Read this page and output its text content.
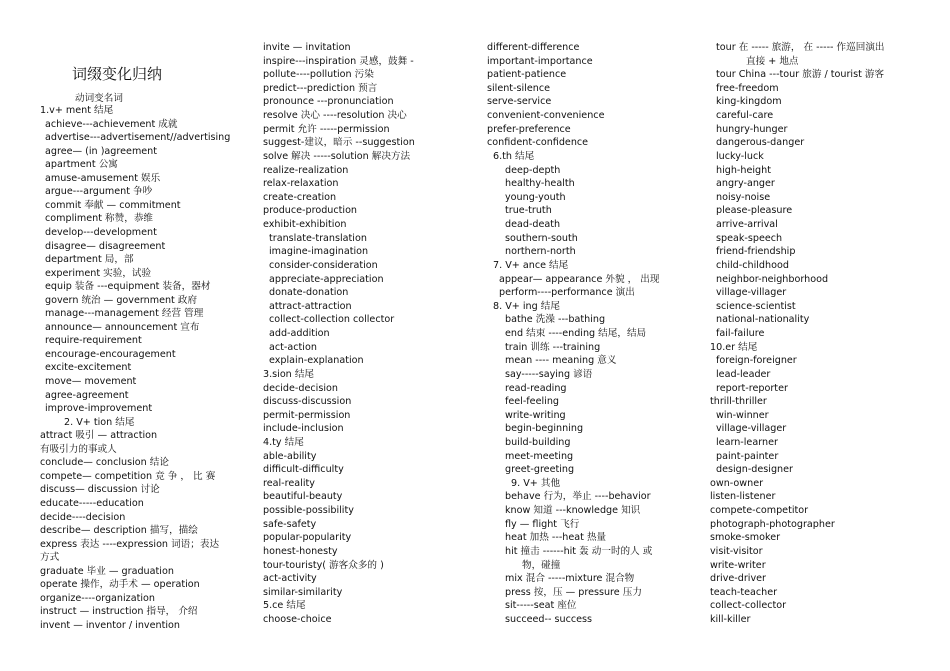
词缀变化归纳
动词变名词
1.v+ ment 结尾
achieve---achievement 成就
advertise---advertisement//advertising
agree— (in )agreement
apartment 公寓
amuse-amusement 娱乐
argue---argument 争吵
commit 奉献 — commitment
compliment 称赞，恭维
develop---development
disagree— disagreement
department 局，部
experiment 实验，试验
equip 装备 ---equipment 装备，器材
govern 统治 — government 政府
manage---management 经营 管理
announce— announcement 宣布
require-requirement
encourage-encouragement
excite-excitement
move— movement
agree-agreement
improve-improvement
2. V+ tion 结尾
attract 吸引 — attraction
有吸引力的事或人
conclude— conclusion 结论
compete— competition 竞 争 ， 比 赛
discuss— discussion 讨论
educate-----education
decide----decision
describe— description 描写，描绘
express 表达 ----expression 词语；表达
方式
graduate 毕业 — graduation
operate 操作，动手术 — operation
organize----organization
instruct — instruction 指导， 介绍
invent — inventor / invention
invite — invitation
inspire---inspiration 灵感，鼓舞 -
pollute----pollution 污染
predict---prediction 预言
pronounce ---pronunciation
resolve 决心 ----resolution 决心
permit 允许 -----permission
suggest-建议，暗示 --suggestion
solve 解决 -----solution 解决方法
realize-realization
relax-relaxation
create-creation
produce-production
exhibit-exhibition
translate-translation
imagine-imagination
consider-consideration
appreciate-appreciation
donate-donation
attract-attraction
collect-collection collector
add-addition
act-action
explain-explanation
3.sion 结尾
decide-decision
discuss-discussion
permit-permission
include-inclusion
4.ty 结尾
able-ability
difficult-difficulty
real-reality
beautiful-beauty
possible-possibility
safe-safety
popular-popularity
honest-honesty
tour-touristy( 游客众多的 )
act-activity
similar-similarity
5.ce 结尾
choose-choice
different-difference
important-importance
patient-patience
silent-silence
serve-service
convenient-convenience
prefer-preference
confident-confidence
6.th 结尾
deep-depth
healthy-health
young-youth
true-truth
dead-death
southern-south
northern-north
7. V+ ance 结尾
appear— appearance 外貌 ， 出现
perform----performance 演出
8. V+ ing 结尾
bathe 洗澡 ---bathing
end 结束 ----ending 结尾，结局
train 训练 ---training
mean ---- meaning 意义
say-----saying 谚语
read-reading
feel-feeling
write-writing
begin-beginning
build-building
meet-meeting
greet-greeting
9. V+ 其他
behave 行为，举止 ----behavior
know 知道 ---knowledge 知识
fly — flight 飞行
heat 加热 ---heat 热量
hit 撞击 ------hit 轰 动一时的人 或
物，碰撞
mix 混合 -----mixture 混合物
press 按，压 — pressure 压力
sit-----seat 座位
succeed-- success
tour 在 ----- 旅游， 在 ----- 作巡回演出
直接 + 地点
tour China ---tour 旅游 / tourist 游客
free-freedom
king-kingdom
careful-care
hungry-hunger
dangerous-danger
lucky-luck
high-height
angry-anger
noisy-noise
please-pleasure
arrive-arrival
speak-speech
friend-friendship
child-childhood
neighbor-neighborhood
village-villager
science-scientist
national-nationality
fail-failure
10.er 结尾
foreign-foreigner
lead-leader
report-reporter
thrill-thriller
win-winner
village-villager
learn-learner
paint-painter
design-designer
own-owner
listen-listener
compete-competitor
photograph-photographer
smoke-smoker
visit-visitor
write-writer
drive-driver
teach-teacher
collect-collector
kill-killer
